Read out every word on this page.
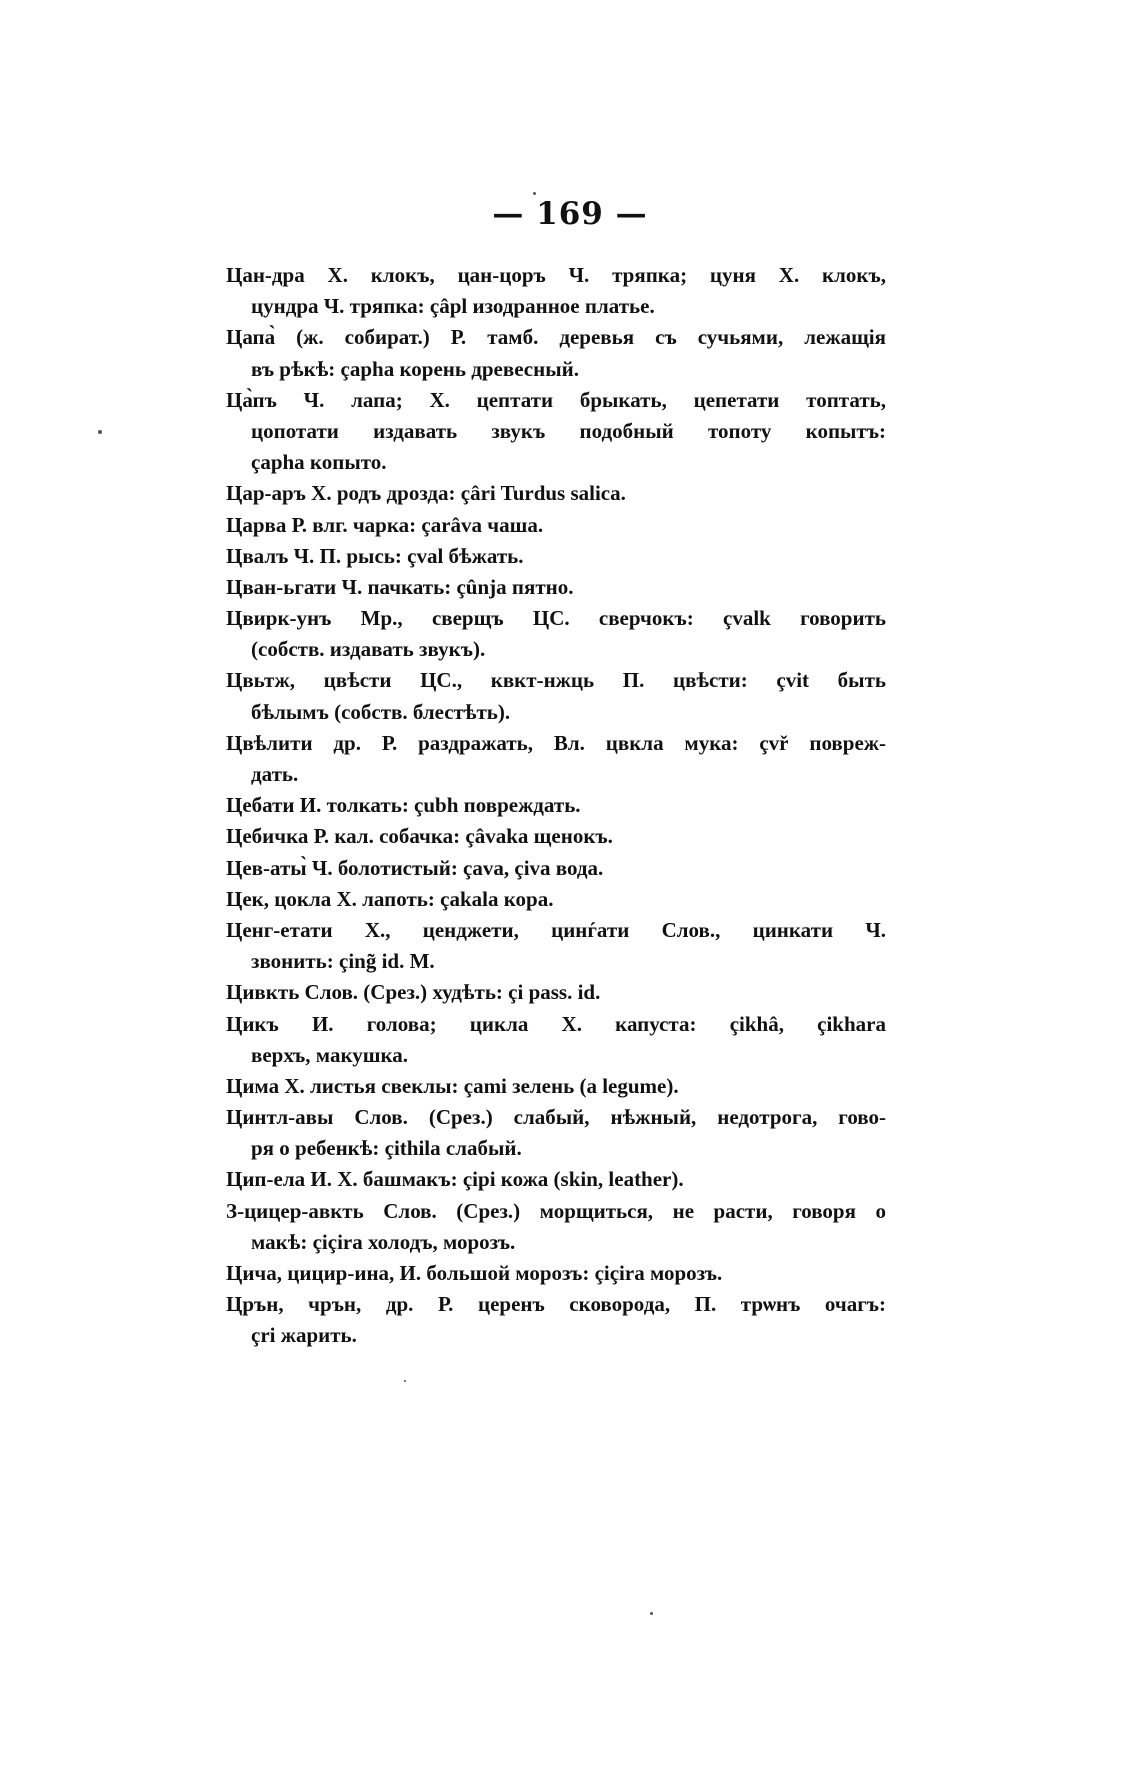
— 169 —
Цан-дра Х. клокъ, цан-цоръ Ч. тряпка; цуня Х. клокъ,
цундра Ч. тряпка: çâpl изодранное платье.
Цапа̀ (ж. собират.) Р. тамб. деревья съ сучьями, лежащія
въ рѣкѣ: çapha корень древесный.
Ца̀пъ Ч. лапа; Х. цептати брыкать, цепетати топтать,
цопотати издавать звукъ подобный топоту копытъ:
çapha копыто.
Цар-аръ Х. родъ дрозда: çâri Turdus salica.
Царва Р. влг. чарка: çarâva чаша.
Цвалъ Ч. П. рысь: çval бѣжать.
Цван-ьгати Ч. пачкать: çûnja пятно.
Цвирк-унъ Мр., сверщъ ЦС. сверчокъ: çvalk говорить
(собств. издавать звукъ).
Цвьтж, цвѣсти ЦС., квкт-нжць П. цвѣсти: çvit быть
бѣлымъ (собств. блестѣть).
Цвѣлити др. Р. раздражать, Вл. цвкла мука: çvř повреж-
дать.
Цебати И. толкать: çubh повреждать.
Цебичка Р. кал. собачка: çâvaka щенокъ.
Цев-аты̀ Ч. болотистый: çava, çiva вода.
Цек, цокла Х. лапоть: çakala кора.
Ценг-етати Х., ценджети, цинѓати Слов., цинкати Ч.
звонить: çing̃ id. M.
Цивкть Слов. (Срез.) худѣть: çi pass. id.
Цикъ И. голова; цикла Х. капуста: çikhâ, çikhara
верхъ, макушка.
Цима Х. листья свеклы: çami зелень (a legume).
Цинтл-авы Слов. (Срез.) слабый, нѣжный, недотрога, гово-
ря о ребенкѣ: çithila слабый.
Цип-ела И. Х. башмакъ: çipi кожа (skin, leather).
З-цицер-авкть Слов. (Срез.) морщиться, не расти, говоря о
макѣ: çiçira холодъ, морозъ.
Цича, цицир-ина, И. большой морозъ: çiçira морозъ.
Црън, чрън, др. Р. церенъ сковорода, П. трѡнъ очагъ:
çri жарить.
